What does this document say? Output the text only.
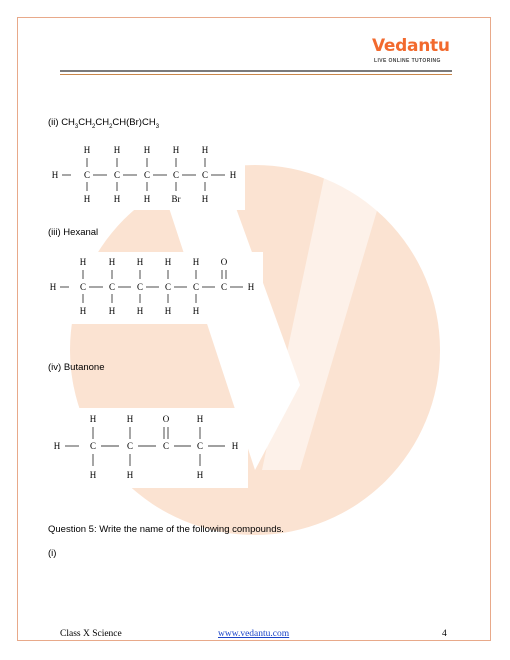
Vedantu
LIVE ONLINE TUTORING
(ii) $CH_3CH_2CH_2CH(Br)CH_3$
H	H	H	H	H
H	C	C	C	C	C H
H	H	H Br H
(iii) Hexanal
H	H H H H O
H	C	C C C C C H
H	H H H H
(iv) Butanone
H	H	O	H
H	C	C	C	C	H
H	H	H
Question 5: Write the name of the following compounds.
(i)
Class X Science	www.vedantu.com	4
